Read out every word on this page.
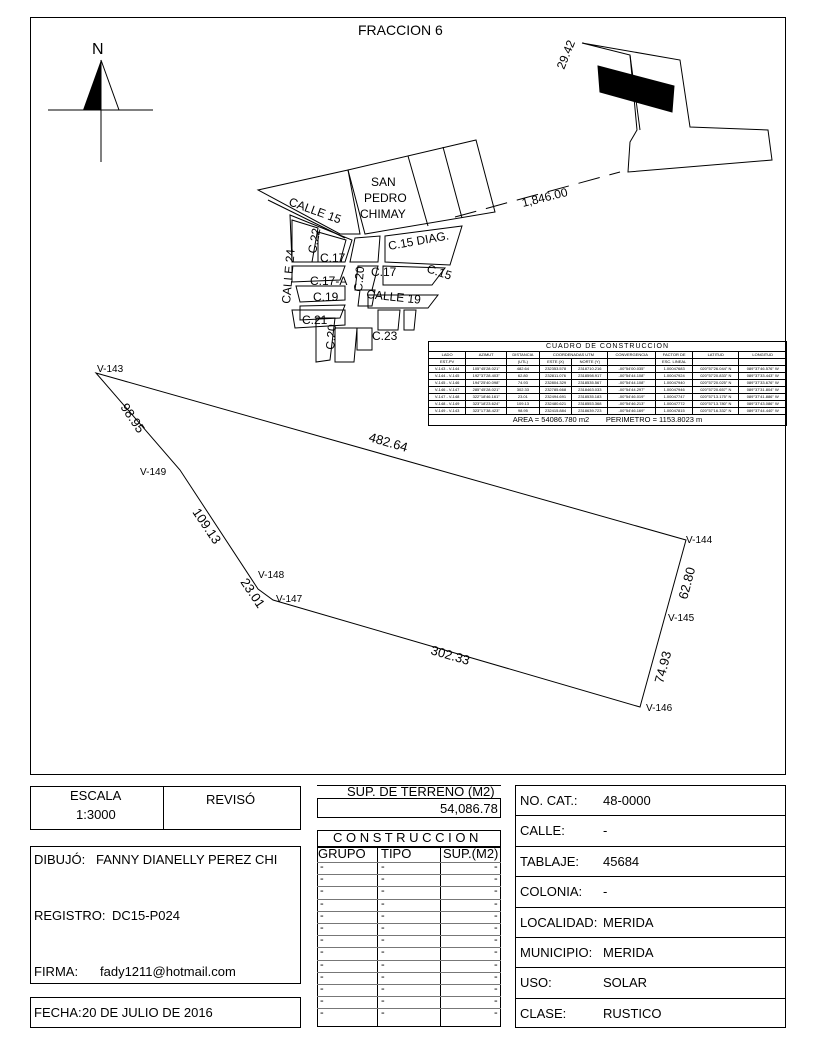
FRACCION 6
N	29.42
1,846.00
SAN
PEDRO
CHIMAY
CALLE 15
C.15 DIAG.
C.22
CALLE 24 C.17
C.17 C.15
C.20
C.17-A
C.19 CALLE 19
C.21
C.20	C.23
V-143
V-144
V-145
V-146
V-147
V-148
V-149
482.64
62.80
74.93
302.33
23.01
109.13
98.95
CUADRO DE CONSTRUCCION								
LADO	AZIMUT	DISTANCIA	COORDENADAS UTM		CONVERGENCIA	FACTOR DE	LATITUD	LONGITUD
EST-PV		(UTL)	ESTE (X)	NORTE (Y)		ESC. LINEAL		
V-143 - V-144	105°45'28.021"	482.64	232353.578	2318710.216	-00°54'00.035"	1.00047683	020°57'26.044" N	089°37'46.576" W
V-144 - V-145	192°37'28.403"	62.80	232811.076	2318598.917	-00°54'44.108"	1.00047924	020°57'20.833" N	089°37'33.443" W
V-145 - V-146	194°25'40.098"	74.93	232804.329	2318535.567	-00°54'44.108"	1.00047940	020°57'20.025" N	089°37'33.676" W
V-146 - V-147	285°45'28.021"	302.33	232785.668	2318463.033	-00°54'44.297"	1.00047946	020°57'20.657" N	089°37'31.804" W
V-147 - V-148	322°18'46.161"	23.01	232494.691	2318535.183	-00°54'46.019"	1.00047747	020°57'13.175" N	089°37'41.886" W
V-148 - V-149	323°18'23.624"	109.13	232480.621	2318553.368	-00°54'46.213"	1.00047772	020°57'13.780" N	089°37'43.086" W
V-149 - V-143	323°17'38.423"	98.95	232415.884	2318639.723	-00°54'46.169"	1.00047815	020°57'16.332" N	089°37'44.440" W
AREA = 54086.780 m2 PERIMETRO = 1153.8023 m								
ESCALA
1:3000
REVISÓ
DIBUJÓ: FANNY DIANELLY PEREZ CHI
REGISTRO: DC15-P024
FIRMA: fady1211@hotmail.com
FECHA: 20 DE JULIO DE 2016
SUP. DE TERRENO (M2)
54,086.78
C O N S T R U C C I O N
GRUPO TIPO SUP.(M2)
-	-	-
-	-	-
-	-	-
-	-	-
-	-	-
-	-	-
-	-	-
-	-	-
-	-	-
-	-	-
-	-	-
-	-	-
-	-	-
NO. CAT.: 48-0000
CALLE:	-
TABLAJE: 45684
COLONIA: -
LOCALIDAD: MERIDA
MUNICIPIO: MERIDA
USO:	SOLAR
CLASE:	RUSTICO
